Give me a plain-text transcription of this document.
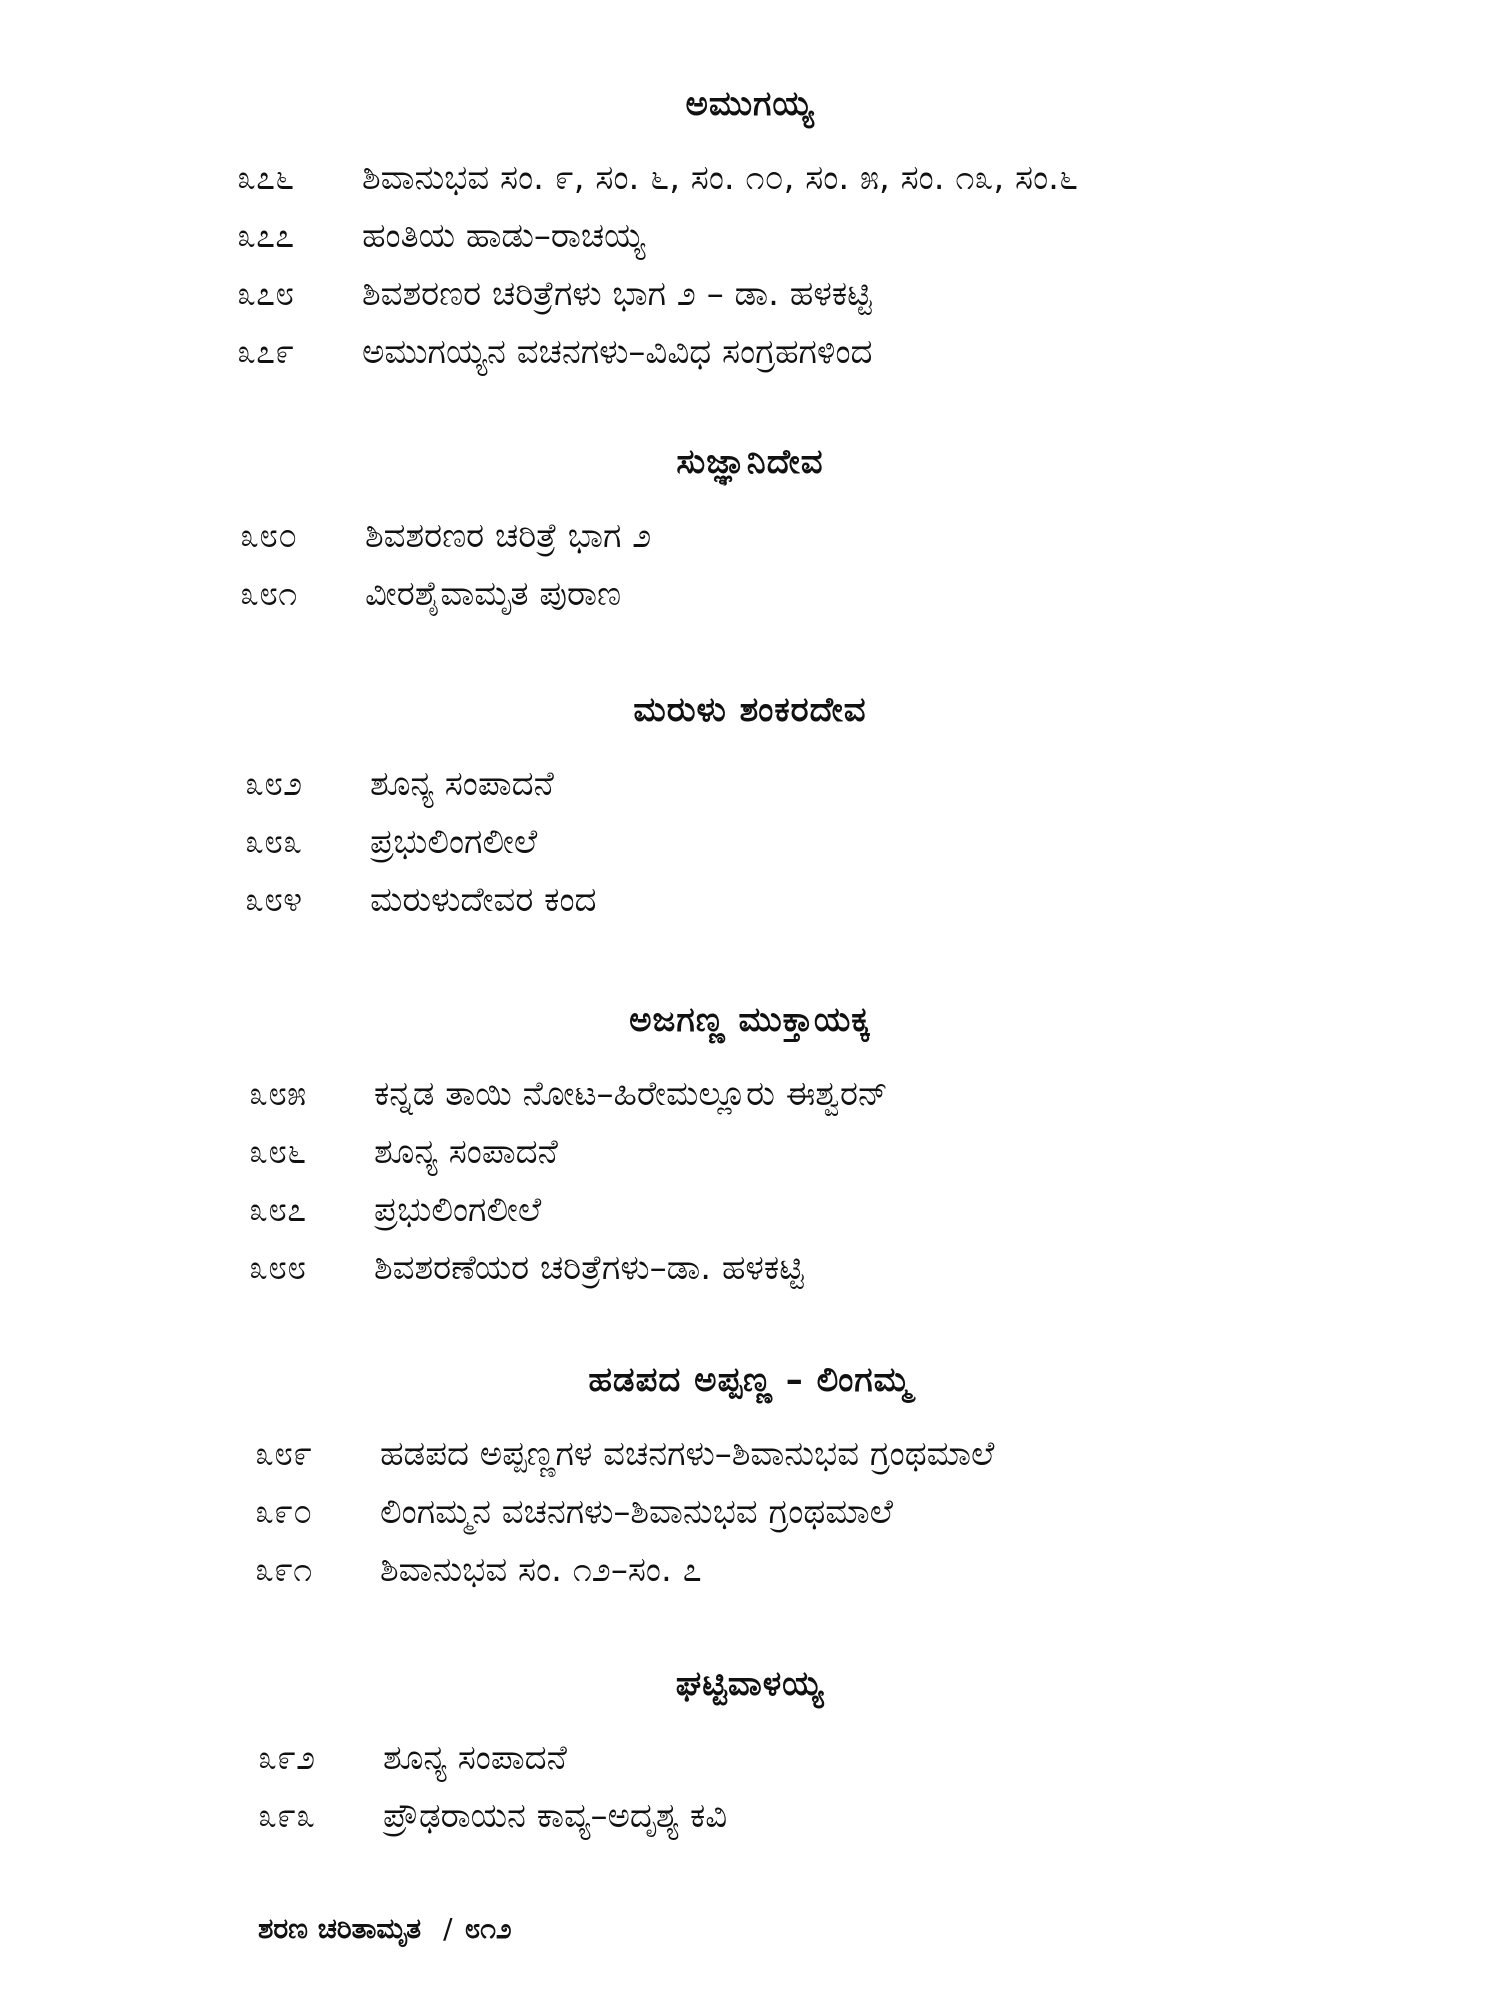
ಅಮುಗಯ್ಯ
೩೭೬ ಶಿವಾನುಭವ ಸಂ. ೯, ಸಂ. ೬, ಸಂ. ೧೦, ಸಂ. ೫, ಸಂ. ೧೩, ಸಂ.೬
೩೭೭ ಹಂತಿಯ ಹಾಡು–ರಾಚಯ್ಯ
೩೭೮ ಶಿವಶರಣರ ಚರಿತ್ರೆಗಳು ಭಾಗ ೨ – ಡಾ. ಹಳಕಟ್ಟಿ
೩೭೯ ಅಮುಗಯ್ಯನ ವಚನಗಳು–ವಿವಿಧ ಸಂಗ್ರಹಗಳಿಂದ
ಸುಜ್ಞಾನಿದೇವ
೩೮೦ ಶಿವಶರಣರ ಚರಿತ್ರೆ ಭಾಗ ೨
೩೮೧ ವೀರಶೈವಾಮೃತ ಪುರಾಣ
ಮರುಳು ಶಂಕರದೇವ
೩೮೨ ಶೂನ್ಯ ಸಂಪಾದನೆ
೩೮೩ ಪ್ರಭುಲಿಂಗಲೀಲೆ
೩೮೪ ಮರುಳುದೇವರ ಕಂದ
ಅಜಗಣ್ಣ ಮುಕ್ತಾಯಕ್ಕ
೩೮೫ ಕನ್ನಡ ತಾಯಿ ನೋಟ–ಹಿರೇಮಲ್ಲೂರು ಈಶ್ವರನ್
೩೮೬ ಶೂನ್ಯ ಸಂಪಾದನೆ
೩೮೭ ಪ್ರಭುಲಿಂಗಲೀಲೆ
೩೮೮ ಶಿವಶರಣೆಯರ ಚರಿತ್ರೆಗಳು–ಡಾ. ಹಳಕಟ್ಟಿ
ಹಡಪದ ಅಪ್ಪಣ್ಣ – ಲಿಂಗಮ್ಮ
೩೮೯ ಹಡಪದ ಅಪ್ಪಣ್ಣಗಳ ವಚನಗಳು–ಶಿವಾನುಭವ ಗ್ರಂಥಮಾಲೆ
೩೯೦ ಲಿಂಗಮ್ಮನ ವಚನಗಳು–ಶಿವಾನುಭವ ಗ್ರಂಥಮಾಲೆ
೩೯೧ ಶಿವಾನುಭವ ಸಂ. ೧೨–ಸಂ. ೭
ಘಟ್ಟಿವಾಳಯ್ಯ
೩೯೨ ಶೂನ್ಯ ಸಂಪಾದನೆ
೩೯೩ ಪ್ರೌಢರಾಯನ ಕಾವ್ಯ–ಅದೃಶ್ಯ ಕವಿ
ಶರಣ ಚರಿತಾಮೃತ / ೮೧೨
